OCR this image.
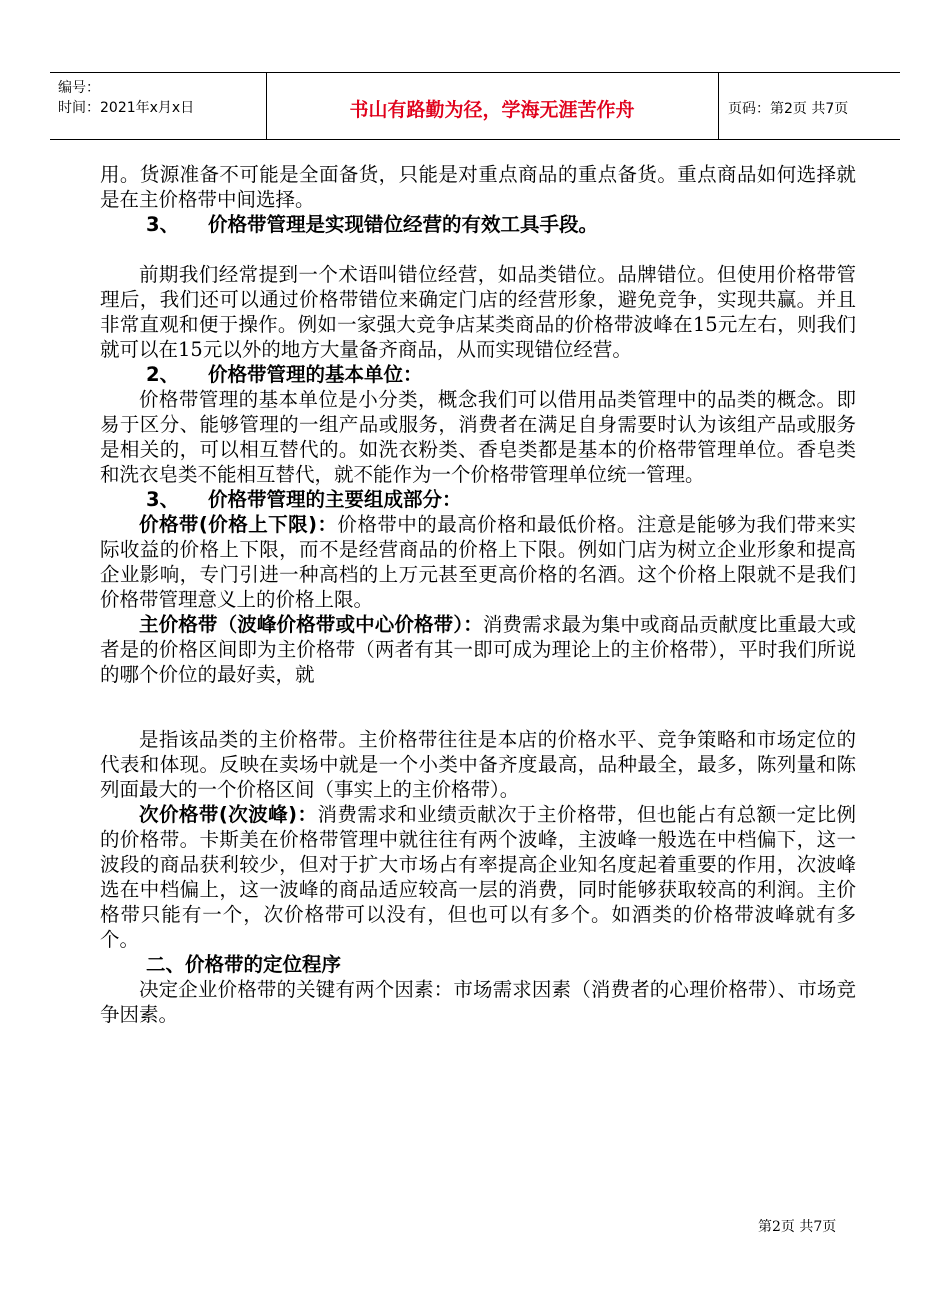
编号：
时间：2021年x月x日	书山有路勤为径，学海无涯苦作舟	页码：第2页 共7页

用。货源准备不可能是全面备货，只能是对重点商品的重点备货。重点商品如何选择就是在主价格带中间选择。

3、 价格带管理是实现错位经营的有效工具手段。

前期我们经常提到一个术语叫错位经营，如品类错位。品牌错位。但使用价格带管理后，我们还可以通过价格带错位来确定门店的经营形象，避免竞争，实现共赢。并且非常直观和便于操作。例如一家强大竞争店某类商品的价格带波峰在15元左右，则我们就可以在15元以外的地方大量备齐商品，从而实现错位经营。

2、 价格带管理的基本单位：

价格带管理的基本单位是小分类，概念我们可以借用品类管理中的品类的概念。即易于区分、能够管理的一组产品或服务，消费者在满足自身需要时认为该组产品或服务是相关的，可以相互替代的。如洗衣粉类、香皂类都是基本的价格带管理单位。香皂类和洗衣皂类不能相互替代，就不能作为一个价格带管理单位统一管理。

3、 价格带管理的主要组成部分：

价格带(价格上下限)：价格带中的最高价格和最低价格。注意是能够为我们带来实际收益的价格上下限，而不是经营商品的价格上下限。例如门店为树立企业形象和提高企业影响，专门引进一种高档的上万元甚至更高价格的名酒。这个价格上限就不是我们价格带管理意义上的价格上限。

主价格带（波峰价格带或中心价格带）：消费需求最为集中或商品贡献度比重最大或者是的价格区间即为主价格带（两者有其一即可成为理论上的主价格带），平时我们所说的哪个价位的最好卖，就

是指该品类的主价格带。主价格带往往是本店的价格水平、竞争策略和市场定位的代表和体现。反映在卖场中就是一个小类中备齐度最高，品种最全，最多，陈列量和陈列面最大的一个价格区间（事实上的主价格带）。

次价格带(次波峰)：消费需求和业绩贡献次于主价格带，但也能占有总额一定比例的价格带。卡斯美在价格带管理中就往往有两个波峰，主波峰一般选在中档偏下，这一波段的商品获利较少，但对于扩大市场占有率提高企业知名度起着重要的作用，次波峰选在中档偏上，这一波峰的商品适应较高一层的消费，同时能够获取较高的利润。主价格带只能有一个，次价格带可以没有，但也可以有多个。如酒类的价格带波峰就有多个。

二、价格带的定位程序

决定企业价格带的关键有两个因素：市场需求因素（消费者的心理价格带）、市场竞争因素。

第2页 共7页
